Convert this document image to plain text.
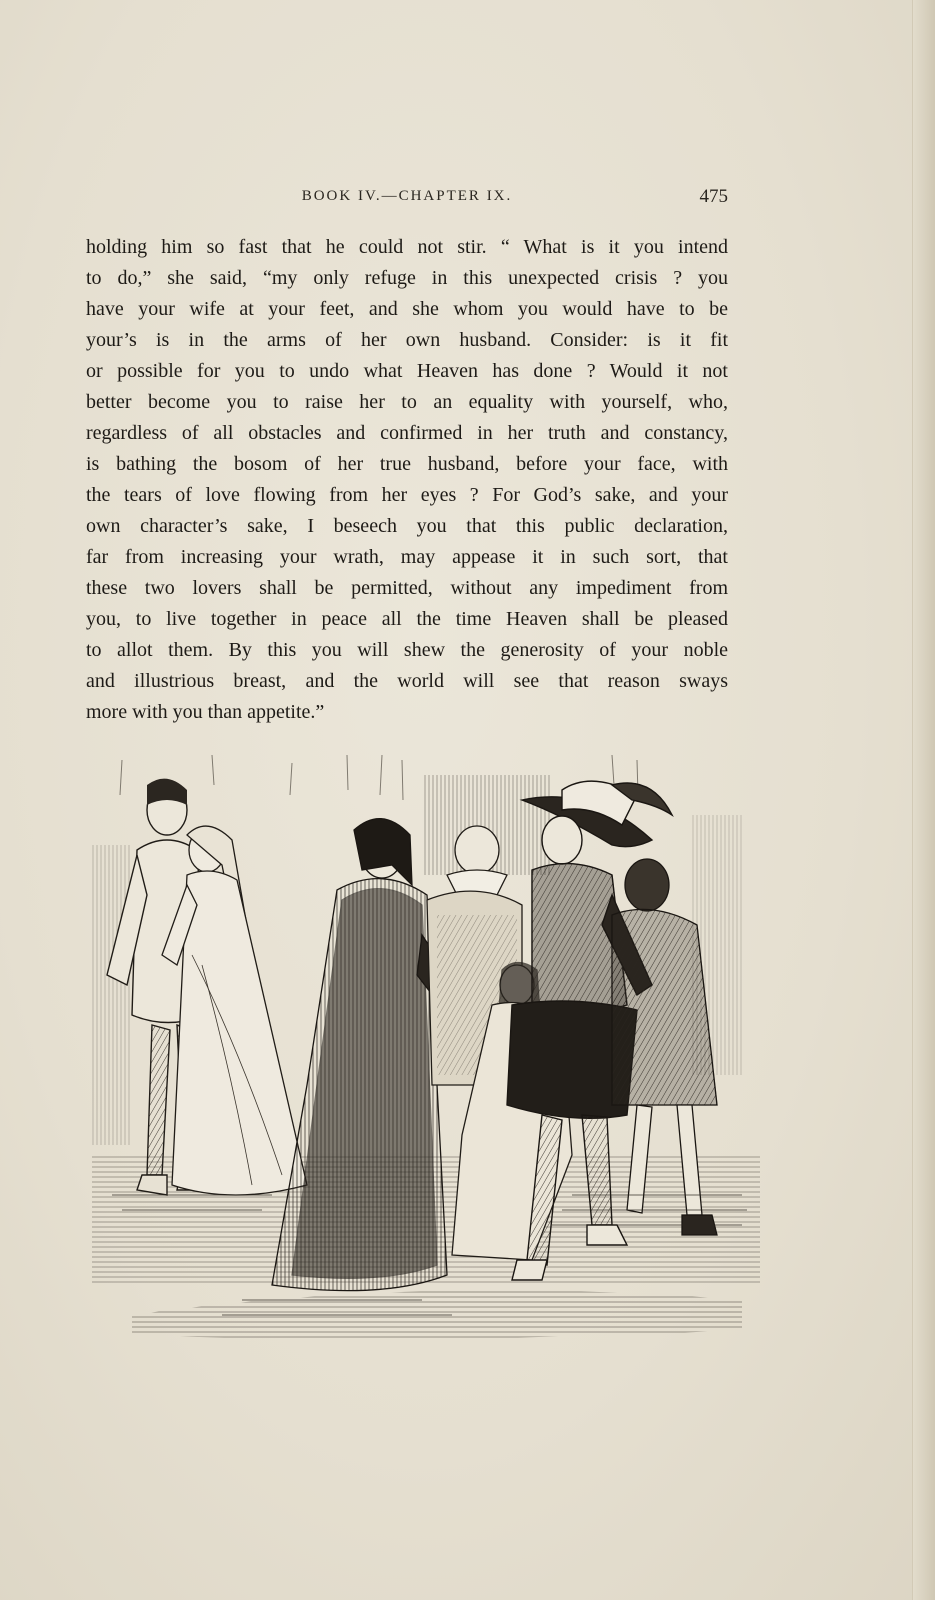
BOOK IV.—CHAPTER IX.	475
holding him so fast that he could not stir. “ What is it you intend
to do,” she said, “my only refuge in this unexpected crisis ? you
have your wife at your feet, and she whom you would have to be
your’s is in the arms of her own husband. Consider: is it fit
or possible for you to undo what Heaven has done ? Would it not
better become you to raise her to an equality with yourself, who,
regardless of all obstacles and confirmed in her truth and constancy,
is bathing the bosom of her true husband, before your face, with
the tears of love flowing from her eyes ? For God’s sake, and your
own character’s sake, I beseech you that this public declaration,
far from increasing your wrath, may appease it in such sort, that
these two lovers shall be permitted, without any impediment from
you, to live together in peace all the time Heaven shall be pleased
to allot them. By this you will shew the generosity of your noble
and illustrious breast, and the world will see that reason sways
more with you than appetite.”
